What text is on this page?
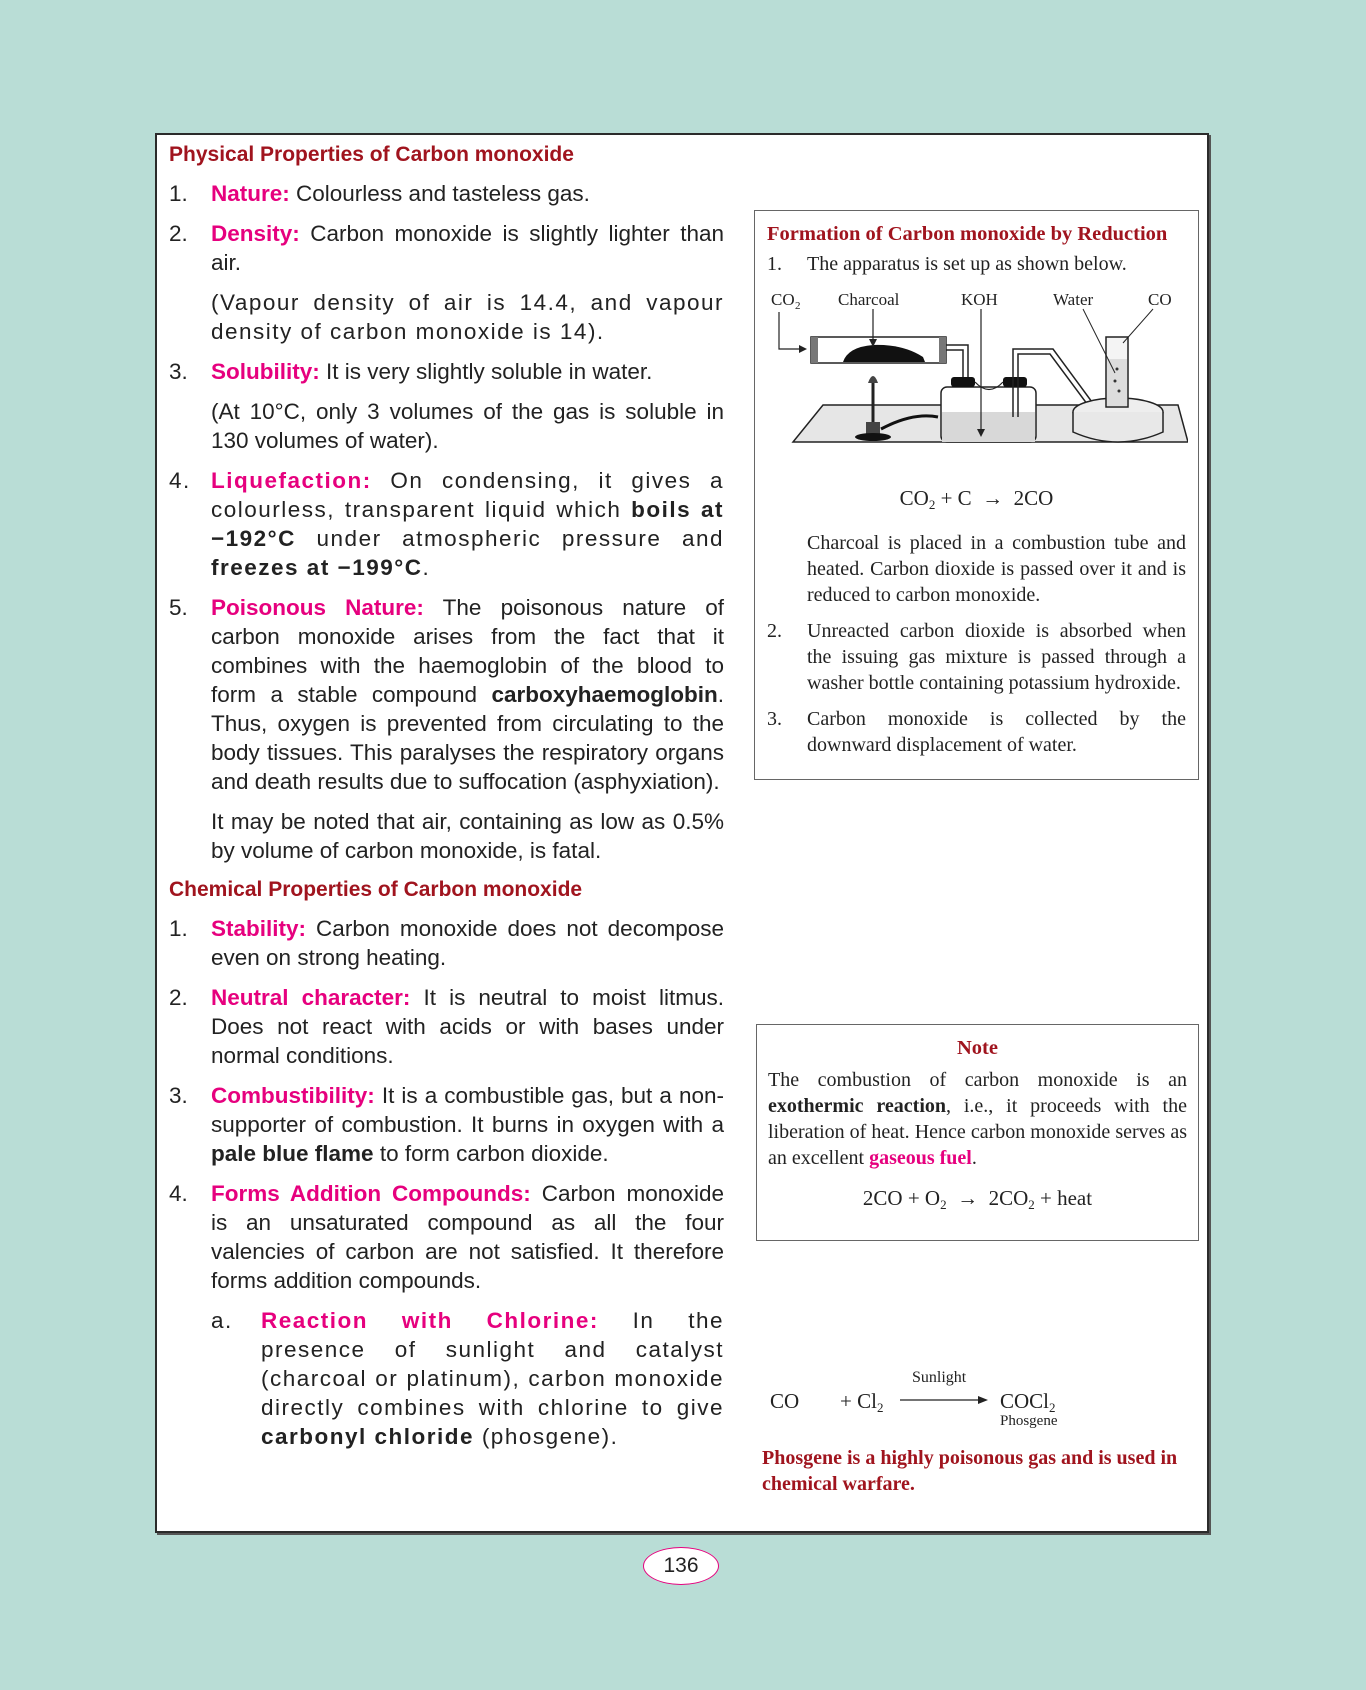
Physical Properties of Carbon monoxide
1. Nature: Colourless and tasteless gas.
2. Density: Carbon monoxide is slightly lighter than air.
(Vapour density of air is 14.4, and vapour density of carbon monoxide is 14).
3. Solubility: It is very slightly soluble in water.
(At 10°C, only 3 volumes of the gas is soluble in 130 volumes of water).
4. Liquefaction: On condensing, it gives a colourless, transparent liquid which boils at −192°C under atmospheric pressure and freezes at −199°C.
5. Poisonous Nature: The poisonous nature of carbon monoxide arises from the fact that it combines with the haemoglobin of the blood to form a stable compound carboxyhaemoglobin. Thus, oxygen is prevented from circulating to the body tissues. This paralyses the respiratory organs and death results due to suffocation (asphyxiation).
It may be noted that air, containing as low as 0.5% by volume of carbon monoxide, is fatal.
Chemical Properties of Carbon monoxide
1. Stability: Carbon monoxide does not decompose even on strong heating.
2. Neutral character: It is neutral to moist litmus. Does not react with acids or with bases under normal conditions.
3. Combustibility: It is a combustible gas, but a non-supporter of combustion. It burns in oxygen with a pale blue flame to form carbon dioxide.
4. Forms Addition Compounds: Carbon monoxide is an unsaturated compound as all the four valencies of carbon are not satisfied. It therefore forms addition compounds.
a. Reaction with Chlorine: In the presence of sunlight and catalyst (charcoal or platinum), carbon monoxide directly combines with chlorine to give carbonyl chloride (phosgene).
Formation of Carbon monoxide by Reduction
1. The apparatus is set up as shown below.
CO 2 Charcoal	KOH	Water	CO
$CO_2 + C \to 2CO$
Charcoal is placed in a combustion tube and heated. Carbon dioxide is passed over it and is reduced to carbon monoxide.
2. Unreacted carbon dioxide is absorbed when the issuing gas mixture is passed through a washer bottle containing potassium hydroxide.
3. Carbon monoxide is collected by the downward displacement of water.
Note
The combustion of carbon monoxide is an exothermic reaction, i.e., it proceeds with the liberation of heat. Hence carbon monoxide serves as an excellent gaseous fuel.
$2CO + O_2 \to 2CO_2$ + heat
CO + $Cl_2$
Sunlight
COCl$_2$
Phosgene
Phosgene is a highly poisonous gas and is used in chemical warfare.
136
